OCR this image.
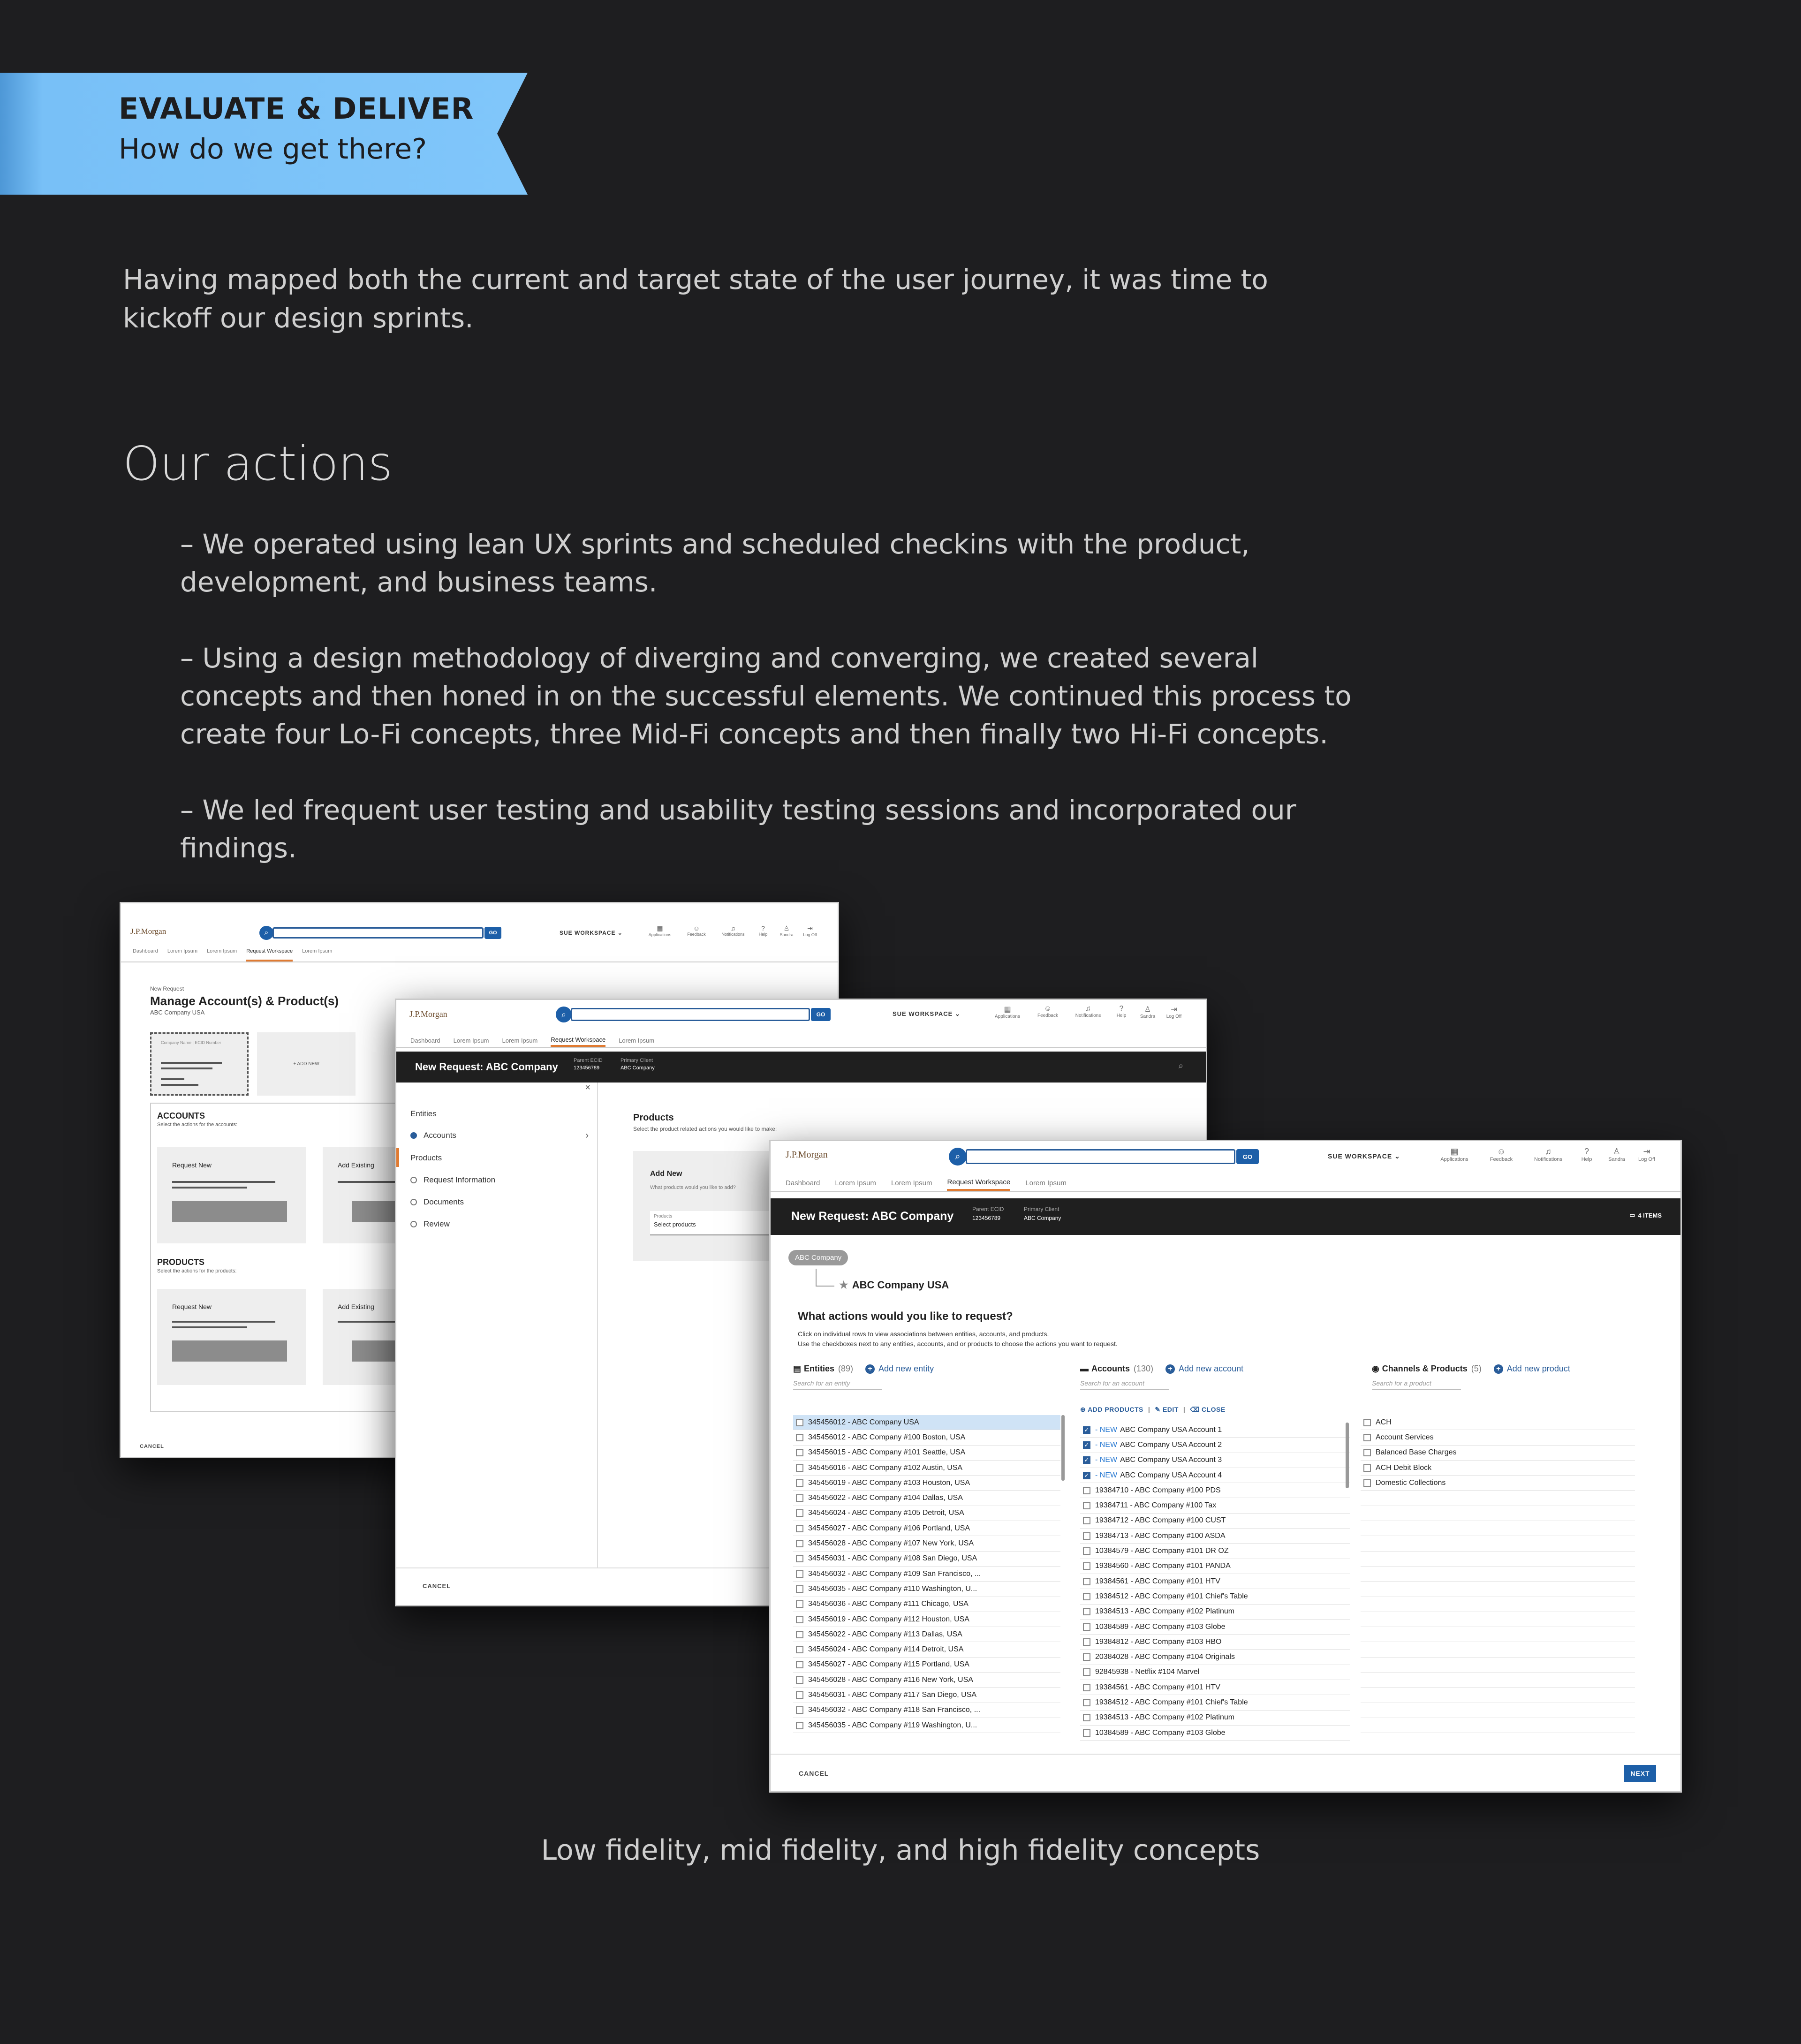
EVALUATE & DELIVER
How do we get there?

Having mapped both the current and target state of the user journey, it was time to kickoff our design sprints.

Our actions
– We operated using lean UX sprints and scheduled checkins with the product, development, and business teams.
– Using a design methodology of diverging and converging, we created several concepts and then honed in on the successful elements. We continued this process to create four Lo-Fi concepts, three Mid-Fi concepts and then finally two Hi-Fi concepts.
– We led frequent user testing and usability testing sessions and incorporated our findings.
J.P.Morgan	⌕	GO	SUE WORKSPACE ⌄
▦
Applications
☺
Feedback
♫
Notifications
?
Help
♙
Sandra
⇥
Log Off
Dashboard Lorem Ipsum Lorem Ipsum Request Workspace Lorem Ipsum
New Request
Manage Account(s) & Product(s)
ABC Company USA
Company Name | ECID Number
+ ADD NEW
ACCOUNTS
Select the actions for the accounts:
Request New	Add Existing
PRODUCTS
Select the actions for the products:
Request New	Add Existing
CANCEL
J.P.Morgan	⌕	GO	SUE WORKSPACE ⌄
▦
Applications
☺
Feedback
♫
Notifications
?
Help
♙
Sandra
⇥
Log Off
Dashboard Lorem Ipsum Lorem Ipsum Request Workspace Lorem Ipsum
New Request: ABC Company
Parent ECID
123456789
Primary Client
ABC Company	⌕
×
Entities
Accounts	›
Products
Request Information
Documents
Review
Products
Select the product related actions you would like to make:
Add New
What products would you like to add?
Products
Select products
CANCEL
J.P.Morgan	⌕	GO	SUE WORKSPACE ⌄	▦
Applications
☺
Feedback
♫
Notifications
?
Help
♙
Sandra
⇥
Log Off
Dashboard Lorem Ipsum Lorem Ipsum Request Workspace Lorem Ipsum
New Request: ABC Company
Parent ECID
123456789
Primary Client
ABC Company	▭ 4 ITEMS
ABC Company
★ ABC Company USA
What actions would you like to request?
Click on individual rows to view associations between entities, accounts, and products.
Use the checkboxes next to any entities, accounts, and or products to choose the actions you want to request.
▤ Entities (89)	+ Add new entity
Search for an entity
345456012 - ABC Company USA
345456012 - ABC Company #100 Boston, USA
345456015 - ABC Company #101 Seattle, USA
345456016 - ABC Company #102 Austin, USA
345456019 - ABC Company #103 Houston, USA
345456022 - ABC Company #104 Dallas, USA
345456024 - ABC Company #105 Detroit, USA
345456027 - ABC Company #106 Portland, USA
345456028 - ABC Company #107 New York, USA
345456031 - ABC Company #108 San Diego, USA
345456032 - ABC Company #109 San Francisco, ...
345456035 - ABC Company #110 Washington, U...
345456036 - ABC Company #111 Chicago, USA
345456019 - ABC Company #112 Houston, USA
345456022 - ABC Company #113 Dallas, USA
345456024 - ABC Company #114 Detroit, USA
345456027 - ABC Company #115 Portland, USA
345456028 - ABC Company #116 New York, USA
345456031 - ABC Company #117 San Diego, USA
345456032 - ABC Company #118 San Francisco, ...
345456035 - ABC Company #119 Washington, U...
▬ Accounts (130)	+ Add new account
Search for an account
⊕ ADD PRODUCTS | ✎ EDIT | ⌫ CLOSE
✓ - NEW ABC Company USA Account 1
✓ - NEW ABC Company USA Account 2
✓ - NEW ABC Company USA Account 3
✓ - NEW ABC Company USA Account 4
19384710 - ABC Company #100 PDS
19384711 - ABC Company #100 Tax
19384712 - ABC Company #100 CUST
19384713 - ABC Company #100 ASDA
10384579 - ABC Company #101 DR OZ
19384560 - ABC Company #101 PANDA
19384561 - ABC Company #101 HTV
19384512 - ABC Company #101 Chief's Table
19384513 - ABC Company #102 Platinum
10384589 - ABC Company #103 Globe
19384812 - ABC Company #103 HBO
20384028 - ABC Company #104 Originals
92845938 - Netflix #104 Marvel
19384561 - ABC Company #101 HTV
19384512 - ABC Company #101 Chief's Table
19384513 - ABC Company #102 Platinum
10384589 - ABC Company #103 Globe
◉ Channels & Products (5)	+ Add new product
Search for a product
ACH
Account Services
Balanced Base Charges
ACH Debit Block
Domestic Collections
CANCEL	NEXT
Low fidelity, mid fidelity, and high fidelity concepts
